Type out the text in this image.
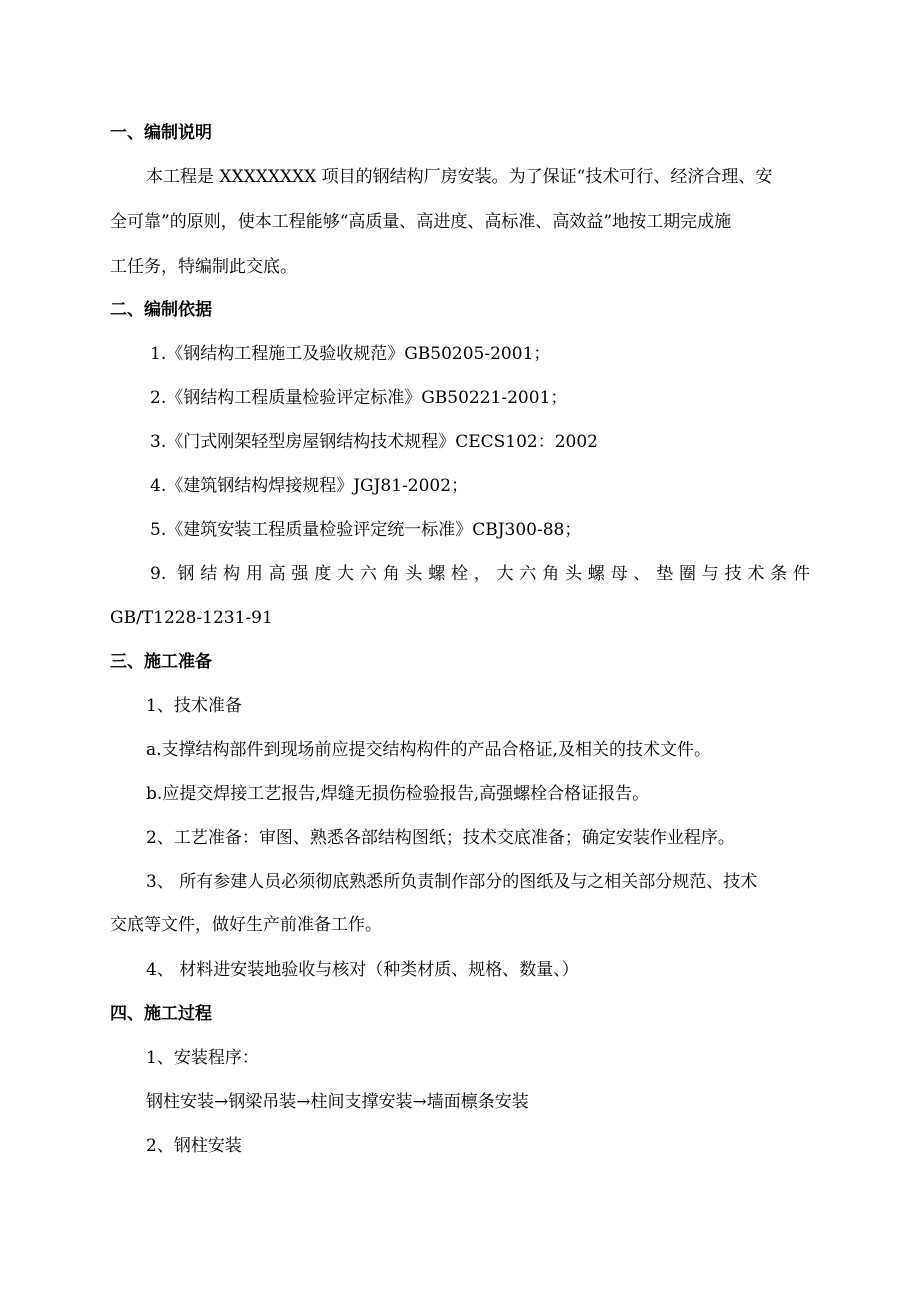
一、编制说明
本工程是 XXXXXXXX 项目的钢结构厂房安装。为了保证“技术可行、经济合理、安
全可靠”的原则，使本工程能够“高质量、高进度、高标准、高效益”地按工期完成施
工任务，特编制此交底。
二、编制依据
1.《钢结构工程施工及验收规范》GB50205-2001；
2.《钢结构工程质量检验评定标准》GB50221-2001；
3.《门式刚架轻型房屋钢结构技术规程》CECS102：2002
4.《建筑钢结构焊接规程》JGJ81-2002；
5.《建筑安装工程质量检验评定统一标准》CBJ300-88；
9. 钢结构用高强度大六角头螺栓，大六角头螺母、垫圈与技术条件
GB/T1228-1231-91
三、施工准备
1、技术准备
a.支撑结构部件到现场前应提交结构构件的产品合格证,及相关的技术文件。
b.应提交焊接工艺报告,焊缝无损伤检验报告,高强螺栓合格证报告。
2、工艺准备：审图、熟悉各部结构图纸；技术交底准备；确定安装作业程序。
3、 所有参建人员必须彻底熟悉所负责制作部分的图纸及与之相关部分规范、技术
交底等文件，做好生产前准备工作。
4、 材料进安装地验收与核对（种类材质、规格、数量、）
四、施工过程
1、安装程序：
钢柱安装→钢梁吊装→柱间支撑安装→墙面檩条安装
2、钢柱安装
